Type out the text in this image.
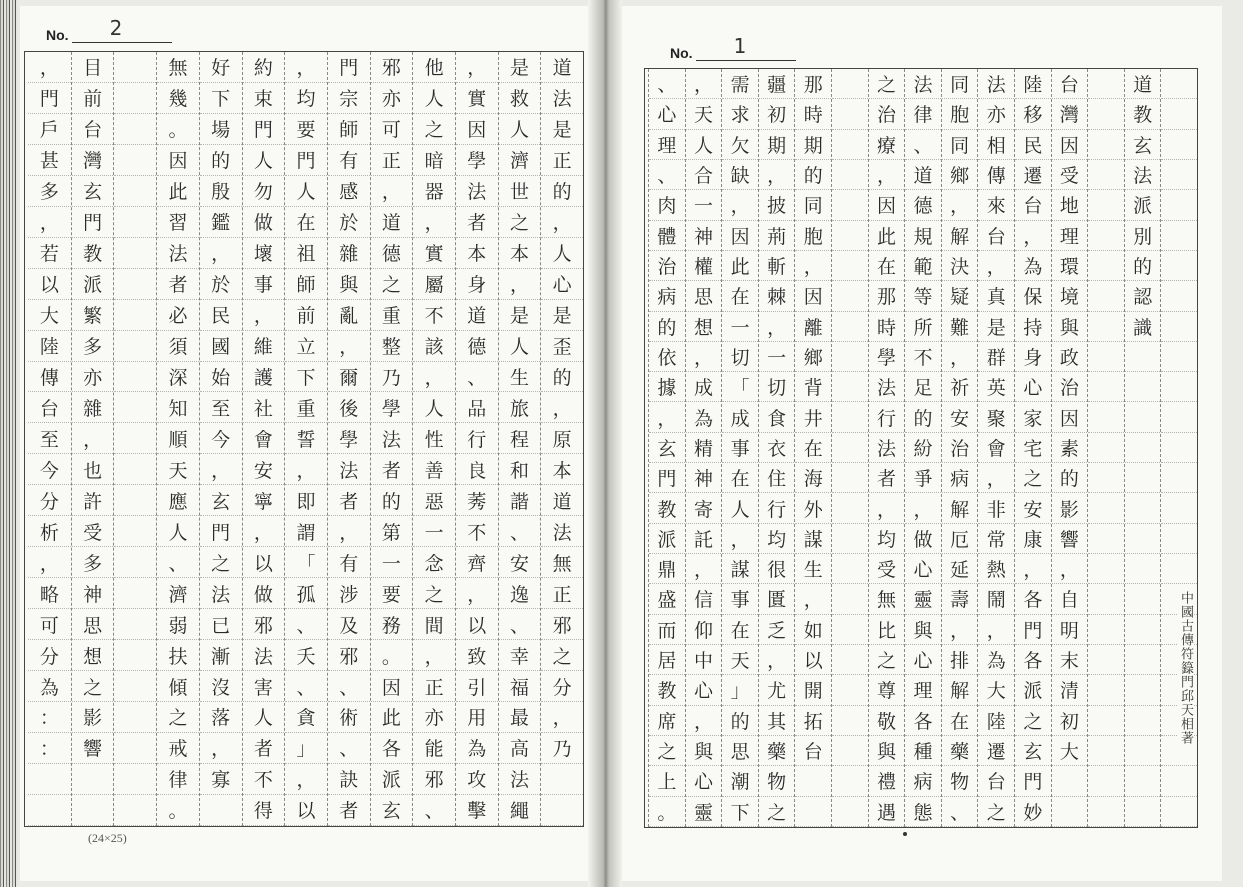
No. 2
道
法
是
正
的
，
人
心
是
歪
的
，
原
本
道
法
無
正
邪
之
分
，
乃
是
救
人
濟
世
之
本
，
是
人
生
旅
程
和
諧
、
安
逸
、
幸
福
最
高
法
繩
，
實
因
學
法
者
本
身
道
德
、
品
行
良
莠
不
齊
，
以
致
引
用
為
攻
擊
他
人
之
暗
器
，
實
屬
不
該
，
人
性
善
惡
一
念
之
間
，
正
亦
能
邪
、
邪
亦
可
正
，
道
德
之
重
整
乃
學
法
者
的
第
一
要
務
。
因
此
各
派
玄
門
宗
師
有
感
於
雜
與
亂
，
爾
後
學
法
者
，
有
涉
及
邪
、
術
、
訣
者
，
均
要
門
人
在
祖
師
前
立
下
重
誓
，
即
謂
「
孤
、
夭
、
貪
」
，
以
約
束
門
人
勿
做
壞
事
，
維
護
社
會
安
寧
，
以
做
邪
法
害
人
者
不
得
好
下
場
的
殷
鑑
，
於
民
國
始
至
今
，
玄
門
之
法
已
漸
沒
落
，
寡
無
幾
。
因
此
習
法
者
必
須
深
知
順
天
應
人
、
濟
弱
扶
傾
之
戒
律
。
目
前
台
灣
玄
門
教
派
繁
多
亦
雜
，
也
許
受
多
神
思
想
之
影
響
，
門
戶
甚
多
，
若
以
大
陸
傳
台
至
今
分
析
，
略
可
分
為
：
：
(24×25)
No. 1
道
教
玄
法
派
別
的
認
識
台
灣
因
受
地
理
環
境
與
政
治
因
素
的
影
響
，
自
明
末
清
初
大
陸
移
民
遷
台
，
為
保
持
身
心
家
宅
之
安
康
，
各
門
各
派
之
玄
門
妙
法
亦
相
傳
來
台
，
真
是
群
英
聚
會
，
非
常
熱
鬧
，
為
大
陸
遷
台
之
同
胞
同
鄉
，
解
決
疑
難
，
祈
安
治
病
解
厄
延
壽
，
排
解
在
藥
物
、
法
律
、
道
德
規
範
等
所
不
足
的
紛
爭
，
做
心
靈
與
心
理
各
種
病
態
之
治
療
，
因
此
在
那
時
學
法
行
法
者
，
均
受
無
比
之
尊
敬
與
禮
遇
那
時
期
的
同
胞
，
因
離
鄉
背
井
在
海
外
謀
生
，
如
以
開
拓
台
疆
初
期
，
披
荊
斬
棘
，
一
切
食
衣
住
行
均
很
匱
乏
，
尤
其
藥
物
之
需
求
欠
缺
，
因
此
在
一
切
「
成
事
在
人
，
謀
事
在
天
」
的
思
潮
下
，
天
人
合
一
神
權
思
想
，
成
為
精
神
寄
託
，
信
仰
中
心
，
與
心
靈
、
心
理
、
肉
體
治
病
的
依
據
，
玄
門
教
派
鼎
盛
而
居
教
席
之
上
。
中國古傳符籙門邱天相著
